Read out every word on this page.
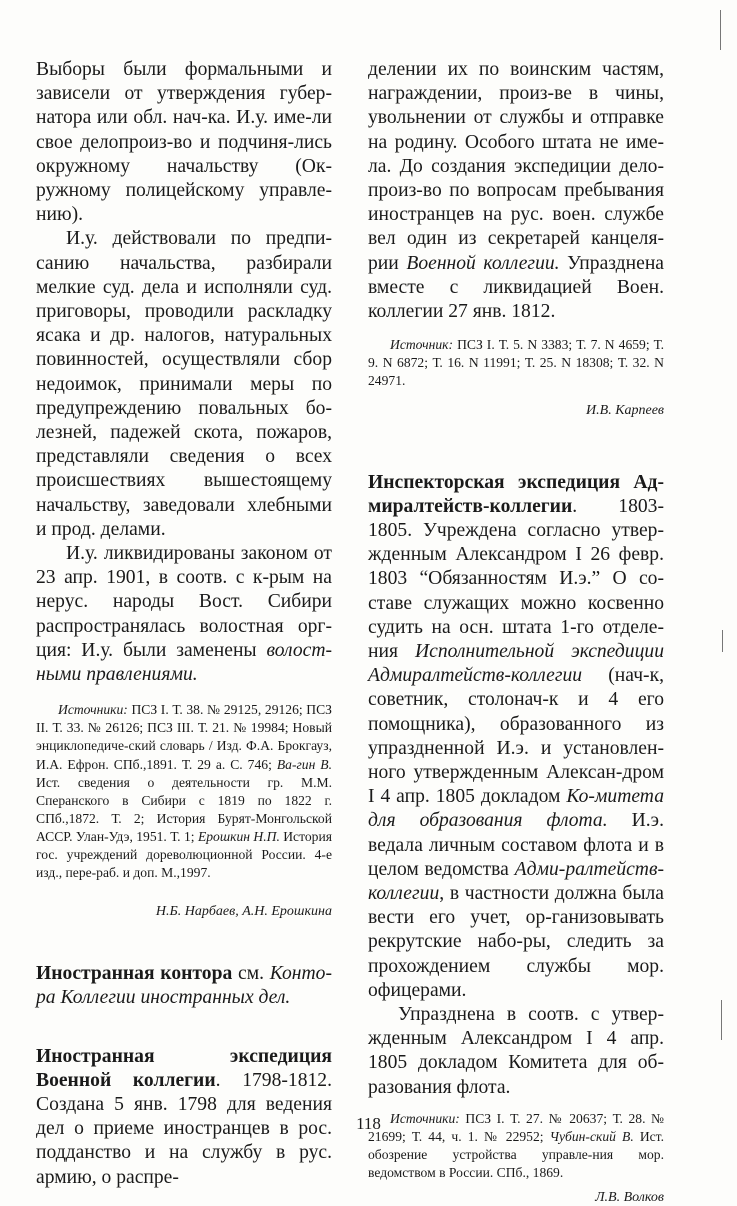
Выборы были формальными и зависели от утверждения губер-натора или обл. нач-ка. И.у. име-ли свое делопроиз-во и подчиня-лись окружному начальству (Ок-ружному полицейскому управле-нию).

И.у. действовали по предпи-санию начальства, разбирали мелкие суд. дела и исполняли суд. приговоры, проводили раскладку ясака и др. налогов, натуральных повинностей, осуществляли сбор недоимок, принимали меры по предупреждению повальных бо-лезней, падежей скота, пожаров, представляли сведения о всех происшествиях вышестоящему начальству, заведовали хлебными и прод. делами.

И.у. ликвидированы законом от 23 апр. 1901, в соотв. с к-рым на нерус. народы Вост. Сибири распространялась волостная орг-ция: И.у. были заменены волост-ными правлениями.

Источники: ПСЗ I. Т. 38. № 29125, 29126; ПСЗ II. Т. 33. № 26126; ПСЗ III. Т. 21. № 19984; Новый энциклопедиче-ский словарь / Изд. Ф.А. Брокгауз, И.А. Ефрон. СПб.,1891. Т. 29 а. С. 746; Ва-гин В. Ист. сведения о деятельности гр. М.М. Сперанского в Сибири с 1819 по 1822 г. СПб.,1872. Т. 2; История Бурят-Монгольской АССР. Улан-Удэ, 1951. Т. 1; Ерошкин Н.П. История гос. учреждений дореволюционной России. 4-е изд., пере-раб. и доп. М.,1997.

Н.Б. Нарбаев, А.Н. Ерошкина

Иностранная контора см. Конто-ра Коллегии иностранных дел.

Иностранная экспедиция Военной коллегии. 1798-1812. Создана 5 янв. 1798 для ведения дел о приеме иностранцев в рос. подданство и на службу в рус. армию, о распре-

делении их по воинским частям, награждении, произ-ве в чины, увольнении от службы и отправке на родину. Особого штата не име-ла. До создания экспедиции дело-произ-во по вопросам пребывания иностранцев на рус. воен. службе вел один из секретарей канцеля-рии Военной коллегии. Упразднена вместе с ликвидацией Воен. коллегии 27 янв. 1812.

Источник: ПСЗ I. Т. 5. N 3383; Т. 7. N 4659; Т. 9. N 6872; Т. 16. N 11991; Т. 25. N 18308; Т. 32. N 24971.

И.В. Карпеев

Инспекторская экспедиция Ад-миралтейств-коллегии. 1803-1805. Учреждена согласно утвер-жденным Александром I 26 февр. 1803 “Обязанностям И.э.” О со-ставе служащих можно косвенно судить на осн. штата 1-го отделе-ния Исполнительной экспедиции Адмиралтейств-коллегии (нач-к, советник, столонач-к и 4 его помощника), образованного из упраздненной И.э. и установлен-ного утвержденным Алексан-дром I 4 апр. 1805 докладом Ко-митета для образования флота. И.э. ведала личным составом флота и в целом ведомства Адми-ралтейств-коллегии, в частности должна была вести его учет, ор-ганизовывать рекрутские набо-ры, следить за прохождением службы мор. офицерами.

Упразднена в соотв. с утвер-жденным Александром I 4 апр. 1805 докладом Комитета для об-разования флота.

Источники: ПСЗ I. Т. 27. № 20637; Т. 28. № 21699; Т. 44, ч. 1. № 22952; Чубин-ский В. Ист. обозрение устройства управле-ния мор. ведомством в России. СПб., 1869.

Л.В. Волков

118
